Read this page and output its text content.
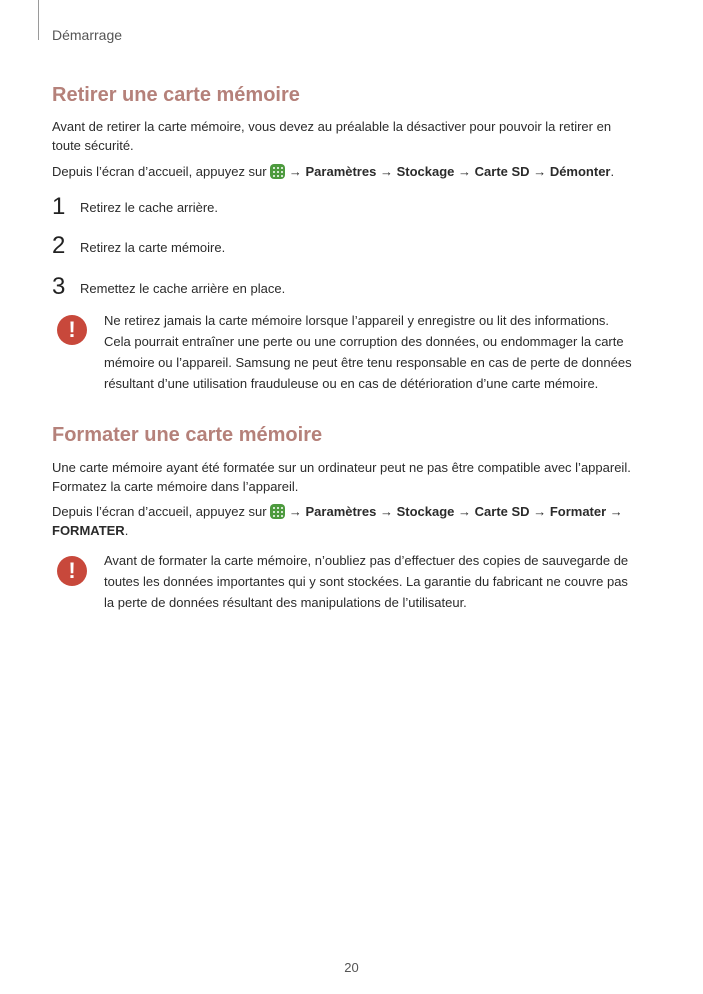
Démarrage
Retirer une carte mémoire

Avant de retirer la carte mémoire, vous devez au préalable la désactiver pour pouvoir la retirer en
toute sécurité.

Depuis l’écran d’accueil, appuyez sur → Paramètres → Stockage → Carte SD → Démonter.

1 Retirez le cache arrière.
2 Retirez la carte mémoire.
3 Remettez le cache arrière en place.
!	Ne retirez jamais la carte mémoire lorsque l’appareil y enregistre ou lit des informations.
Cela pourrait entraîner une perte ou une corruption des données, ou endommager la carte
mémoire ou l’appareil. Samsung ne peut être tenu responsable en cas de perte de données
résultant d’une utilisation frauduleuse ou en cas de détérioration d’une carte mémoire.

Formater une carte mémoire

Une carte mémoire ayant été formatée sur un ordinateur peut ne pas être compatible avec l’appareil.
Formatez la carte mémoire dans l’appareil.

Depuis l’écran d’accueil, appuyez sur → Paramètres → Stockage → Carte SD → Formater →
FORMATER.

!	Avant de formater la carte mémoire, n’oubliez pas d’effectuer des copies de sauvegarde de
toutes les données importantes qui y sont stockées. La garantie du fabricant ne couvre pas
la perte de données résultant des manipulations de l’utilisateur.

20
